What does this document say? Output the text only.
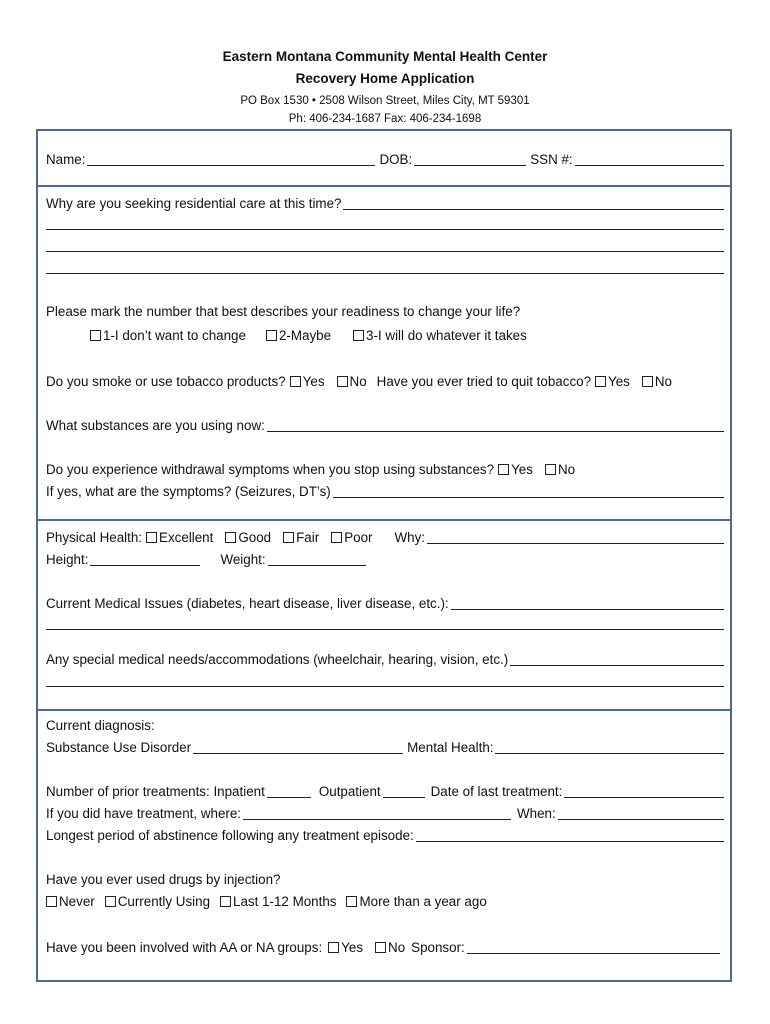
Eastern Montana Community Mental Health Center
Recovery Home Application
PO Box 1530 • 2508 Wilson Street, Miles City, MT 59301
Ph: 406-234-1687 Fax: 406-234-1698
Name:	DOB:	SSN #:
Why are you seeking residential care at this time?
Please mark the number that best describes your readiness to change your life?
1-I don’t want to change 2-Maybe	3-I will do whatever it takes
Do you smoke or use tobacco products? Yes No Have you ever tried to quit tobacco? Yes No
What substances are you using now:
Do you experience withdrawal symptoms when you stop using substances? Yes No
If yes, what are the symptoms? (Seizures, DT’s)
Physical Health: Excellent Good Fair Poor Why:
Height:	Weight:
Current Medical Issues (diabetes, heart disease, liver disease, etc.):
Any special medical needs/accommodations (wheelchair, hearing, vision, etc.)
Current diagnosis:
Substance Use Disorder	Mental Health:
Number of prior treatments: Inpatient	Outpatient	Date of last treatment:
If you did have treatment, where:	When:
Longest period of abstinence following any treatment episode:
Have you ever used drugs by injection?
Never Currently Using Last 1-12 Months More than a year ago
Have you been involved with AA or NA groups: Yes No Sponsor:
